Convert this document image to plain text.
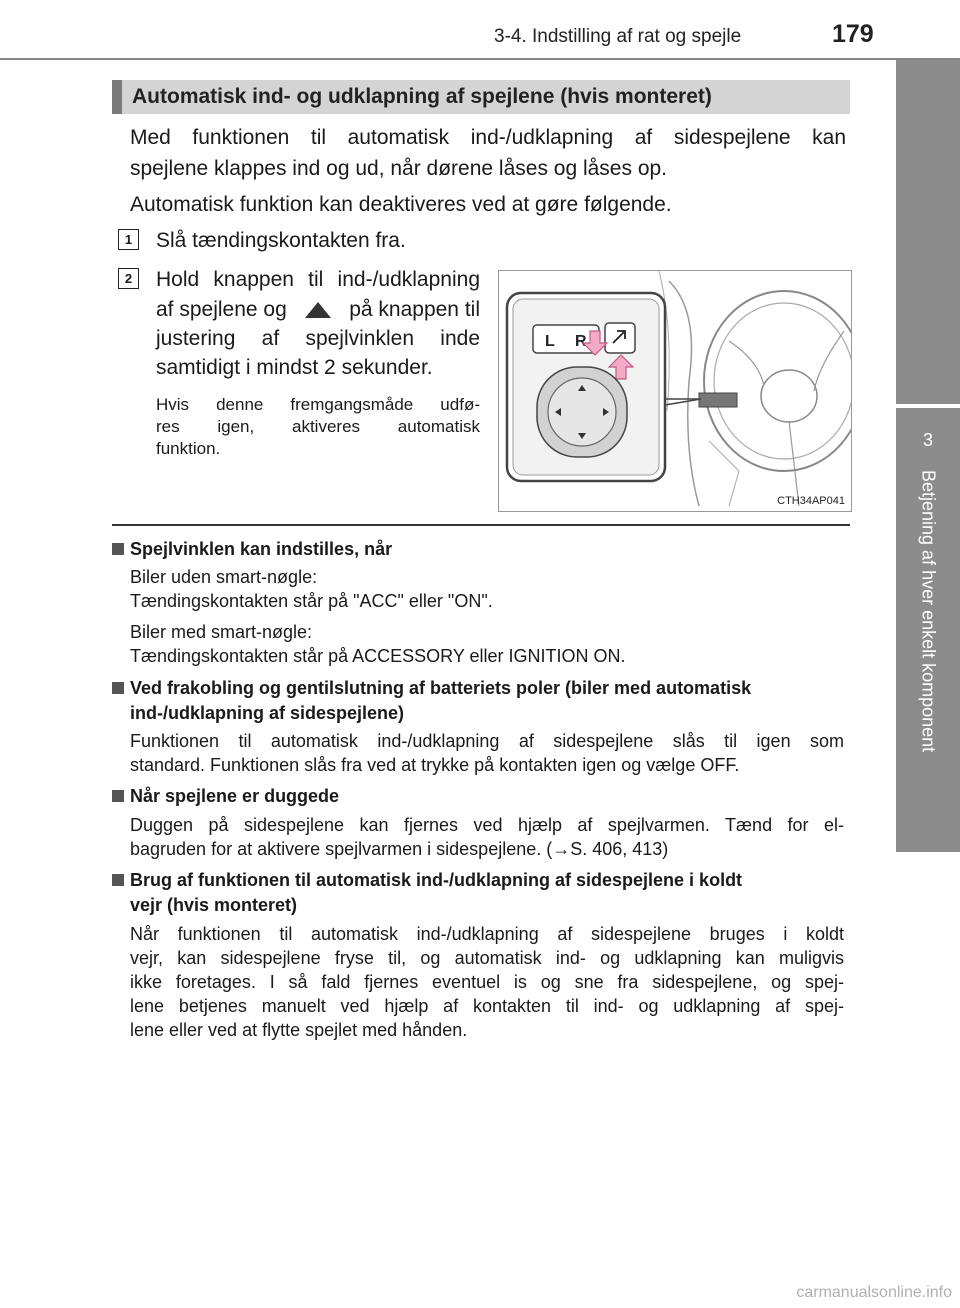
3-4. Indstilling af rat og spejle	179
3
Betjening af hver enkelt komponent
Automatisk ind- og udklapning af spejlene (hvis monteret)
Med funktionen til automatisk ind-/udklapning af sidespejlene kan
spejlene klappes ind og ud, når dørene låses og låses op.
Automatisk funktion kan deaktiveres ved at gøre følgende.
1	Slå tændingskontakten fra.
2	Hold knappen til ind-/udklapning
af spejlene og	på knappen til
justering af spejlvinklen inde
samtidigt i mindst 2 sekunder.
Hvis denne fremgangsmåde udfø-
res igen, aktiveres automatisk
funktion.
L R
CTH34AP041
Spejlvinklen kan indstilles, når
Biler uden smart-nøgle:
Tændingskontakten står på "ACC" eller "ON".
Biler med smart-nøgle:
Tændingskontakten står på ACCESSORY eller IGNITION ON.
Ved frakobling og gentilslutning af batteriets poler (biler med automatisk
ind-/udklapning af sidespejlene)
Funktionen til automatisk ind-/udklapning af sidespejlene slås til igen som
standard. Funktionen slås fra ved at trykke på kontakten igen og vælge OFF.
Når spejlene er duggede
Duggen på sidespejlene kan fjernes ved hjælp af spejlvarmen. Tænd for el-
bagruden for at aktivere spejlvarmen i sidespejlene. (→S. 406, 413)
Brug af funktionen til automatisk ind-/udklapning af sidespejlene i koldt
vejr (hvis monteret)
Når funktionen til automatisk ind-/udklapning af sidespejlene bruges i koldt
vejr, kan sidespejlene fryse til, og automatisk ind- og udklapning kan muligvis
ikke foretages. I så fald fjernes eventuel is og sne fra sidespejlene, og spej-
lene betjenes manuelt ved hjælp af kontakten til ind- og udklapning af spej-
lene eller ved at flytte spejlet med hånden.
carmanualsonline.info
